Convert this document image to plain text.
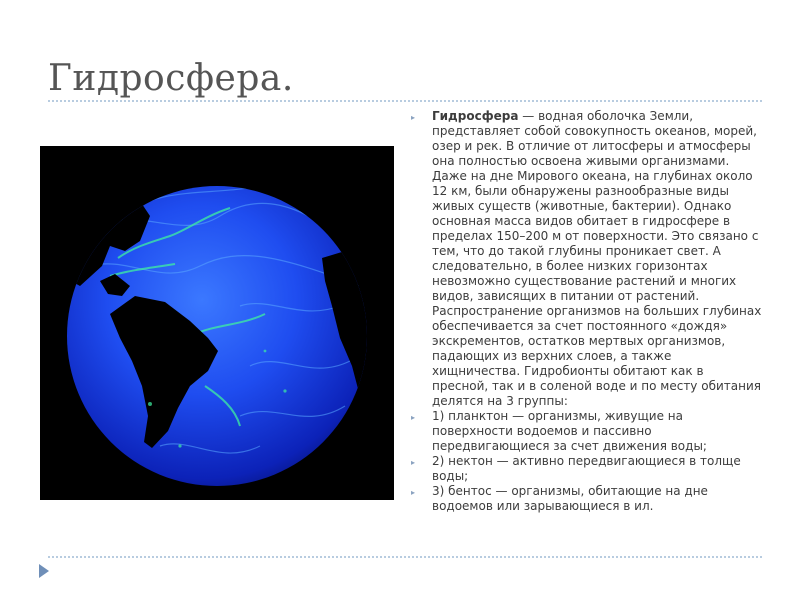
Гидросфера.

▸	Гидросфера — водная оболочка Земли, представляет собой совокупность океанов, морей, озер и рек. В отличие от литосферы и атмосферы она полностью освоена живыми организмами. Даже на дне Мирового океана, на глубинах около 12 км, были обнаружены разнообразные виды живых существ (животные, бактерии). Однако основная масса видов обитает в гидросфере в пределах 150–200 м от поверхности. Это связано с тем, что до такой глубины проникает свет. А следовательно, в более низких горизонтах невозможно существование растений и многих видов, зависящих в питании от растений. Распространение организмов на больших глубинах обеспечивается за счет постоянного «дождя» экскрементов, остатков мертвых организмов, падающих из верхних слоев, а также хищничества. Гидробионты обитают как в пресной, так и в соленой воде и по месту обитания делятся на 3 группы:

▸	1) планктон — организмы, живущие на поверхности водоемов и пассивно передвигающиеся за счет движения воды;

▸	2) нектон — активно передвигающиеся в толще воды;

▸	3) бентос — организмы, обитающие на дне водоемов или зарывающиеся в ил.
